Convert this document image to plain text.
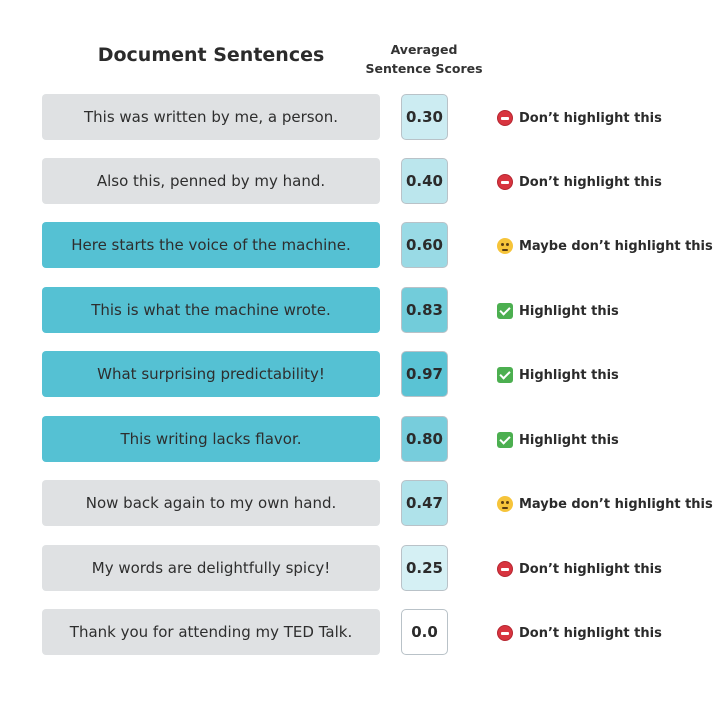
Document Sentences	Averaged
Sentence Scores
This was written by me, a person.	0.30	Don’t highlight this
Also this, penned by my hand.	0.40	Don’t highlight this
Here starts the voice of the machine.	0.60	Maybe don’t highlight this
This is what the machine wrote.	0.83	Highlight this
What surprising predictability!	0.97	Highlight this
This writing lacks flavor.	0.80	Highlight this
Now back again to my own hand.	0.47	Maybe don’t highlight this
My words are delightfully spicy!	0.25	Don’t highlight this
Thank you for attending my TED Talk.	0.0	Don’t highlight this
